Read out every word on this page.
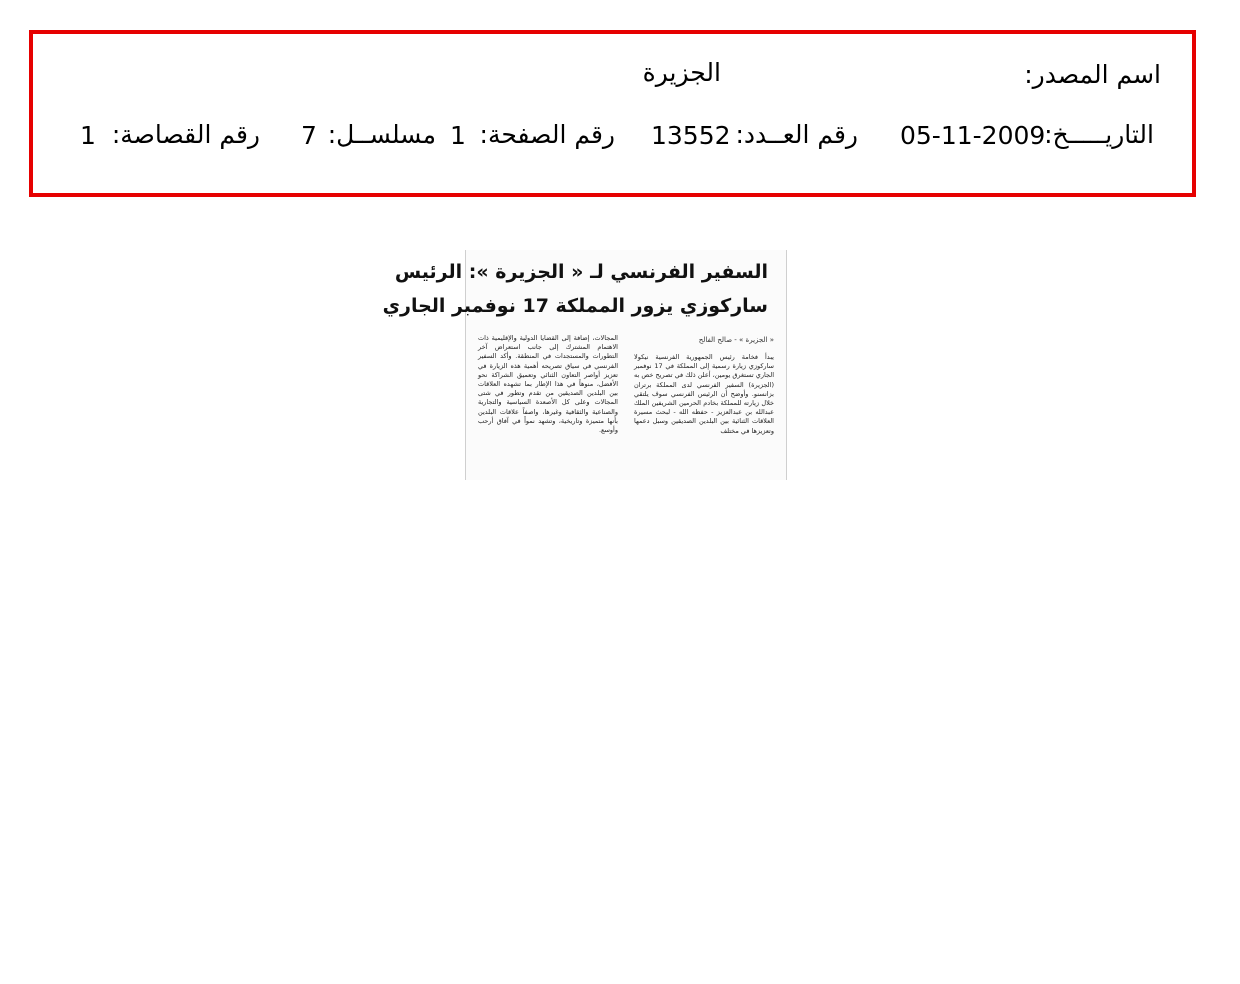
اسم المصدر:
الجزيرة
التاريـــــخ:
05-11-2009
رقم العــدد:
13552
رقم الصفحة:
1
مسلســل:
7
رقم القصاصة:
1
السفير الفرنسي لـ « الجزيرة »: الرئيس
ساركوزي يزور المملكة 17 نوفمبر الجاري
« الجزيرة » - صالح الفالح
يبدأ فخامة رئيس الجمهورية الفرنسية نيكولا ساركوزي زيارة رسمية إلى المملكة في 17 نوفمبر الجاري تستغرق يومين، أعلن ذلك في تصريح خص به (الجزيرة) السفير الفرنسي لدى المملكة برتران بزانسنو. وأوضح أن الرئيس الفرنسي سوف يلتقي خلال زيارته للمملكة بخادم الحرمين الشريفين الملك عبدالله بن عبدالعزيز - حفظه الله - لبحث مسيرة العلاقات الثنائية بين البلدين الصديقين وسبل دعمها وتعزيزها في مختلف
المجالات، إضافة إلى القضايا الدولية والإقليمية ذات الاهتمام المشترك إلى جانب استعراض آخر التطورات والمستجدات في المنطقة. وأكد السفير الفرنسي في سياق تصريحه أهمية هذه الزيارة في تعزيز أواصر التعاون الثنائي وتعميق الشراكة نحو الأفضل، منوهاً في هذا الإطار بما تشهده العلاقات بين البلدين الصديقين من تقدم وتطور في شتى المجالات وعلى كل الأصعدة السياسية والتجارية والصناعية والثقافية وغيرها، واصفاً علاقات البلدين بأنها متميزة وتاريخية، وتشهد نمواً في آفاق أرحب وأوسع.
